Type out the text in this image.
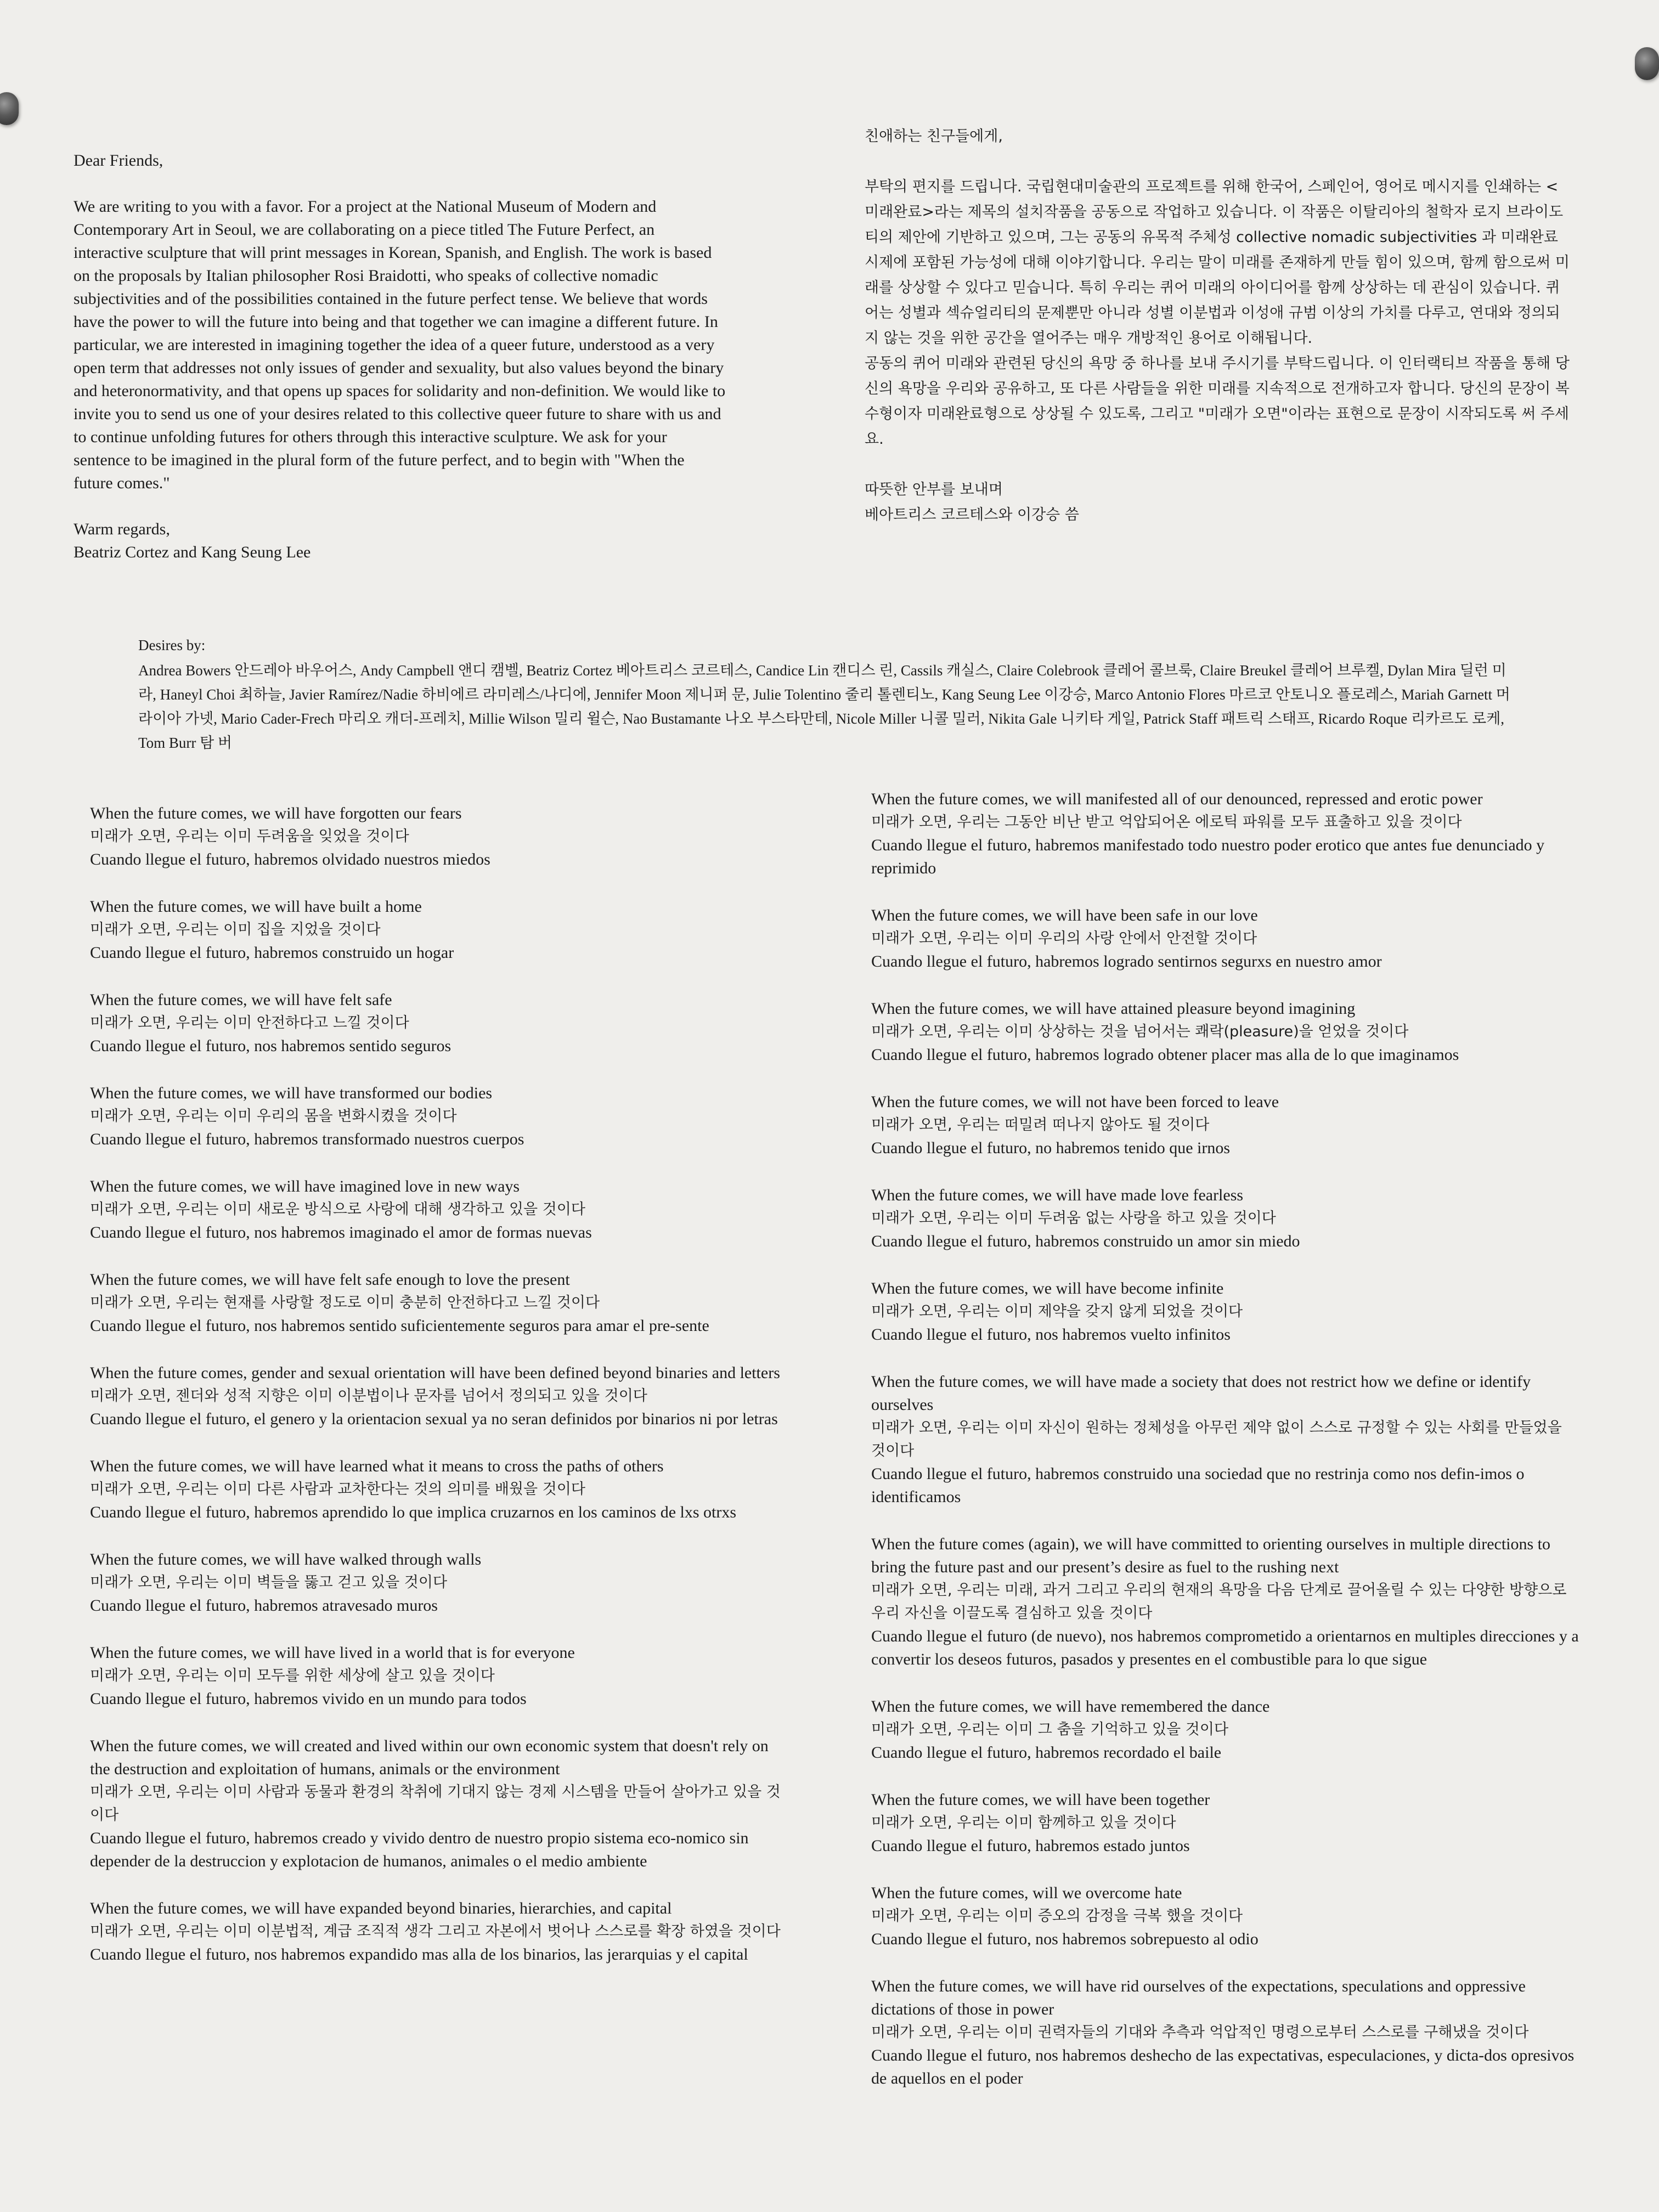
Dear Friends,

We are writing to you with a favor. For a project at the National Museum of Modern and Contemporary Art in Seoul, we are collaborating on a piece titled The Future Perfect, an interactive sculpture that will print messages in Korean, Spanish, and English. The work is based on the proposals by Italian philosopher Rosi Braidotti, who speaks of collective nomadic subjectivities and of the possibilities contained in the future perfect tense. We believe that words have the power to will the future into being and that together we can imagine a different future. In particular, we are interested in imagining together the idea of a queer future, understood as a very open term that addresses not only issues of gender and sexuality, but also values beyond the binary and heteronormativity, and that opens up spaces for solidarity and non-definition. We would like to invite you to send us one of your desires related to this collective queer future to share with us and to continue unfolding futures for others through this interactive sculpture. We ask for your sentence to be imagined in the plural form of the future perfect, and to begin with "When the future comes."

Warm regards,

Beatriz Cortez and Kang Seung Lee

친애하는 친구들에게,

부탁의 편지를 드립니다. 국립현대미술관의 프로젝트를 위해 한국어, 스페인어, 영어로 메시지를 인쇄하는 <미래완료>라는 제목의 설치작품을 공동으로 작업하고 있습니다. 이 작품은 이탈리아의 철학자 로지 브라이도티의 제안에 기반하고 있으며, 그는 공동의 유목적 주체성 collective nomadic subjectivities 과 미래완료 시제에 포함된 가능성에 대해 이야기합니다. 우리는 말이 미래를 존재하게 만들 힘이 있으며, 함께 함으로써 미래를 상상할 수 있다고 믿습니다. 특히 우리는 퀴어 미래의 아이디어를 함께 상상하는 데 관심이 있습니다. 퀴어는 성별과 섹슈얼리티의 문제뿐만 아니라 성별 이분법과 이성애 규범 이상의 가치를 다루고, 연대와 정의되지 않는 것을 위한 공간을 열어주는 매우 개방적인 용어로 이해됩니다.

공동의 퀴어 미래와 관련된 당신의 욕망 중 하나를 보내 주시기를 부탁드립니다. 이 인터랙티브 작품을 통해 당신의 욕망을 우리와 공유하고, 또 다른 사람들을 위한 미래를 지속적으로 전개하고자 합니다. 당신의 문장이 복수형이자 미래완료형으로 상상될 수 있도록, 그리고 "미래가 오면"이라는 표현으로 문장이 시작되도록 써 주세요.

따뜻한 안부를 보내며

베아트리스 코르테스와 이강승 씀

Desires by:

Andrea Bowers 안드레아 바우어스, Andy Campbell 앤디 캠벨, Beatriz Cortez 베아트리스 코르테스, Candice Lin 캔디스 린, Cassils 캐실스, Claire Colebrook 클레어 콜브룩, Claire Breukel 클레어 브루켈, Dylan Mira 딜런 미라, Haneyl Choi 최하늘, Javier Ramírez/Nadie 하비에르 라미레스/나디에, Jennifer Moon 제니퍼 문, Julie Tolentino 줄리 톨렌티노, Kang Seung Lee 이강승, Marco Antonio Flores 마르코 안토니오 플로레스, Mariah Garnett 머라이아 가넷, Mario Cader-Frech 마리오 캐더-프레치, Millie Wilson 밀리 윌슨, Nao Bustamante 나오 부스타만테, Nicole Miller 니콜 밀러, Nikita Gale 니키타 게일, Patrick Staff 패트릭 스태프, Ricardo Roque 리카르도 로케, Tom Burr 탐 버

When the future comes, we will have forgotten our fears
미래가 오면, 우리는 이미 두려움을 잊었을 것이다
Cuando llegue el futuro, habremos olvidado nuestros miedos
When the future comes, we will have built a home
미래가 오면, 우리는 이미 집을 지었을 것이다
Cuando llegue el futuro, habremos construido un hogar
When the future comes, we will have felt safe
미래가 오면, 우리는 이미 안전하다고 느낄 것이다
Cuando llegue el futuro, nos habremos sentido seguros
When the future comes, we will have transformed our bodies
미래가 오면, 우리는 이미 우리의 몸을 변화시켰을 것이다
Cuando llegue el futuro, habremos transformado nuestros cuerpos
When the future comes, we will have imagined love in new ways
미래가 오면, 우리는 이미 새로운 방식으로 사랑에 대해 생각하고 있을 것이다
Cuando llegue el futuro, nos habremos imaginado el amor de formas nuevas
When the future comes, we will have felt safe enough to love the present
미래가 오면, 우리는 현재를 사랑할 정도로 이미 충분히 안전하다고 느낄 것이다
Cuando llegue el futuro, nos habremos sentido suficientemente seguros para amar el pre-sente
When the future comes, gender and sexual orientation will have been defined beyond binaries and letters
미래가 오면, 젠더와 성적 지향은 이미 이분법이나 문자를 넘어서 정의되고 있을 것이다
Cuando llegue el futuro, el genero y la orientacion sexual ya no seran definidos por binarios ni por letras
When the future comes, we will have learned what it means to cross the paths of others
미래가 오면, 우리는 이미 다른 사람과 교차한다는 것의 의미를 배웠을 것이다
Cuando llegue el futuro, habremos aprendido lo que implica cruzarnos en los caminos de lxs otrxs
When the future comes, we will have walked through walls
미래가 오면, 우리는 이미 벽들을 뚫고 걷고 있을 것이다
Cuando llegue el futuro, habremos atravesado muros
When the future comes, we will have lived in a world that is for everyone
미래가 오면, 우리는 이미 모두를 위한 세상에 살고 있을 것이다
Cuando llegue el futuro, habremos vivido en un mundo para todos
When the future comes, we will created and lived within our own economic system that doesn't rely on the destruction and exploitation of humans, animals or the environment
미래가 오면, 우리는 이미 사람과 동물과 환경의 착취에 기대지 않는 경제 시스템을 만들어 살아가고 있을 것이다
Cuando llegue el futuro, habremos creado y vivido dentro de nuestro propio sistema eco-nomico sin depender de la destruccion y explotacion de humanos, animales o el medio ambiente
When the future comes, we will have expanded beyond binaries, hierarchies, and capital
미래가 오면, 우리는 이미 이분법적, 계급 조직적 생각 그리고 자본에서 벗어나 스스로를 확장 하였을 것이다
Cuando llegue el futuro, nos habremos expandido mas alla de los binarios, las jerarquias y el capital
When the future comes, we will manifested all of our denounced, repressed and erotic power
미래가 오면, 우리는 그동안 비난 받고 억압되어온 에로틱 파워를 모두 표출하고 있을 것이다
Cuando llegue el futuro, habremos manifestado todo nuestro poder erotico que antes fue denunciado y reprimido
When the future comes, we will have been safe in our love
미래가 오면, 우리는 이미 우리의 사랑 안에서 안전할 것이다
Cuando llegue el futuro, habremos logrado sentirnos segurxs en nuestro amor
When the future comes, we will have attained pleasure beyond imagining
미래가 오면, 우리는 이미 상상하는 것을 넘어서는 쾌락(pleasure)을 얻었을 것이다
Cuando llegue el futuro, habremos logrado obtener placer mas alla de lo que imaginamos
When the future comes, we will not have been forced to leave
미래가 오면, 우리는 떠밀려 떠나지 않아도 될 것이다
Cuando llegue el futuro, no habremos tenido que irnos
When the future comes, we will have made love fearless
미래가 오면, 우리는 이미 두려움 없는 사랑을 하고 있을 것이다
Cuando llegue el futuro, habremos construido un amor sin miedo
When the future comes, we will have become infinite
미래가 오면, 우리는 이미 제약을 갖지 않게 되었을 것이다
Cuando llegue el futuro, nos habremos vuelto infinitos
When the future comes, we will have made a society that does not restrict how we define or identify ourselves
미래가 오면, 우리는 이미 자신이 원하는 정체성을 아무런 제약 없이 스스로 규정할 수 있는 사회를 만들었을 것이다
Cuando llegue el futuro, habremos construido una sociedad que no restrinja como nos defin-imos o identificamos
When the future comes (again), we will have committed to orienting ourselves in multiple directions to bring the future past and our present’s desire as fuel to the rushing next
미래가 오면, 우리는 미래, 과거 그리고 우리의 현재의 욕망을 다음 단계로 끌어올릴 수 있는 다양한 방향으로 우리 자신을 이끌도록 결심하고 있을 것이다
Cuando llegue el futuro (de nuevo), nos habremos comprometido a orientarnos en multiples direcciones y a convertir los deseos futuros, pasados y presentes en el combustible para lo que sigue
When the future comes, we will have remembered the dance
미래가 오면, 우리는 이미 그 춤을 기억하고 있을 것이다
Cuando llegue el futuro, habremos recordado el baile
When the future comes, we will have been together
미래가 오면, 우리는 이미 함께하고 있을 것이다
Cuando llegue el futuro, habremos estado juntos
When the future comes, will we overcome hate
미래가 오면, 우리는 이미 증오의 감정을 극복 했을 것이다
Cuando llegue el futuro, nos habremos sobrepuesto al odio
When the future comes, we will have rid ourselves of the expectations, speculations and oppressive dictations of those in power
미래가 오면, 우리는 이미 권력자들의 기대와 추측과 억압적인 명령으로부터 스스로를 구해냈을 것이다
Cuando llegue el futuro, nos habremos deshecho de las expectativas, especulaciones, y dicta-dos opresivos de aquellos en el poder
